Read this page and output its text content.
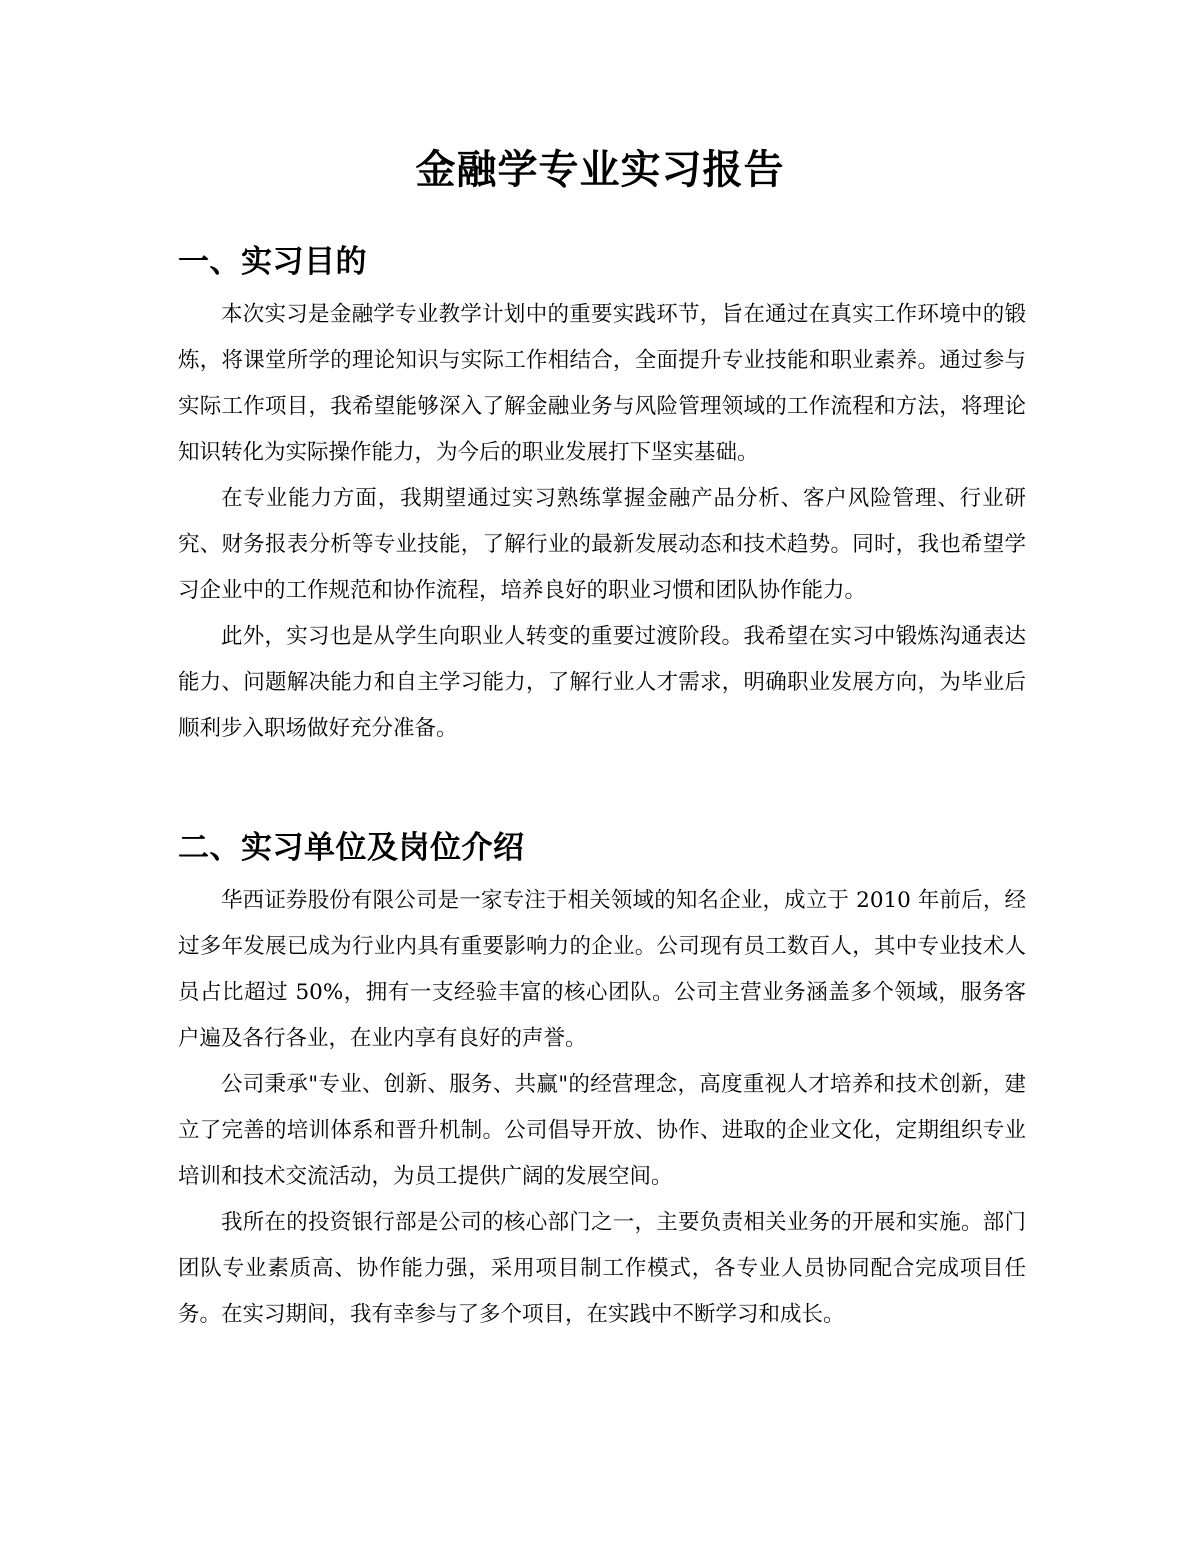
金融学专业实习报告
一、实习目的

本次实习是金融学专业教学计划中的重要实践环节，旨在通过在真实工作环境中的锻炼，将课堂所学的理论知识与实际工作相结合，全面提升专业技能和职业素养。通过参与实际工作项目，我希望能够深入了解金融业务与风险管理领域的工作流程和方法，将理论知识转化为实际操作能力，为今后的职业发展打下坚实基础。

在专业能力方面，我期望通过实习熟练掌握金融产品分析、客户风险管理、行业研究、财务报表分析等专业技能，了解行业的最新发展动态和技术趋势。同时，我也希望学习企业中的工作规范和协作流程，培养良好的职业习惯和团队协作能力。

此外，实习也是从学生向职业人转变的重要过渡阶段。我希望在实习中锻炼沟通表达能力、问题解决能力和自主学习能力，了解行业人才需求，明确职业发展方向，为毕业后顺利步入职场做好充分准备。

二、实习单位及岗位介绍

华西证券股份有限公司是一家专注于相关领域的知名企业，成立于 2010 年前后，经过多年发展已成为行业内具有重要影响力的企业。公司现有员工数百人，其中专业技术人员占比超过 50%，拥有一支经验丰富的核心团队。公司主营业务涵盖多个领域，服务客户遍及各行各业，在业内享有良好的声誉。

公司秉承"专业、创新、服务、共赢"的经营理念，高度重视人才培养和技术创新，建立了完善的培训体系和晋升机制。公司倡导开放、协作、进取的企业文化，定期组织专业培训和技术交流活动，为员工提供广阔的发展空间。

我所在的投资银行部是公司的核心部门之一，主要负责相关业务的开展和实施。部门团队专业素质高、协作能力强，采用项目制工作模式，各专业人员协同配合完成项目任务。在实习期间，我有幸参与了多个项目，在实践中不断学习和成长。
